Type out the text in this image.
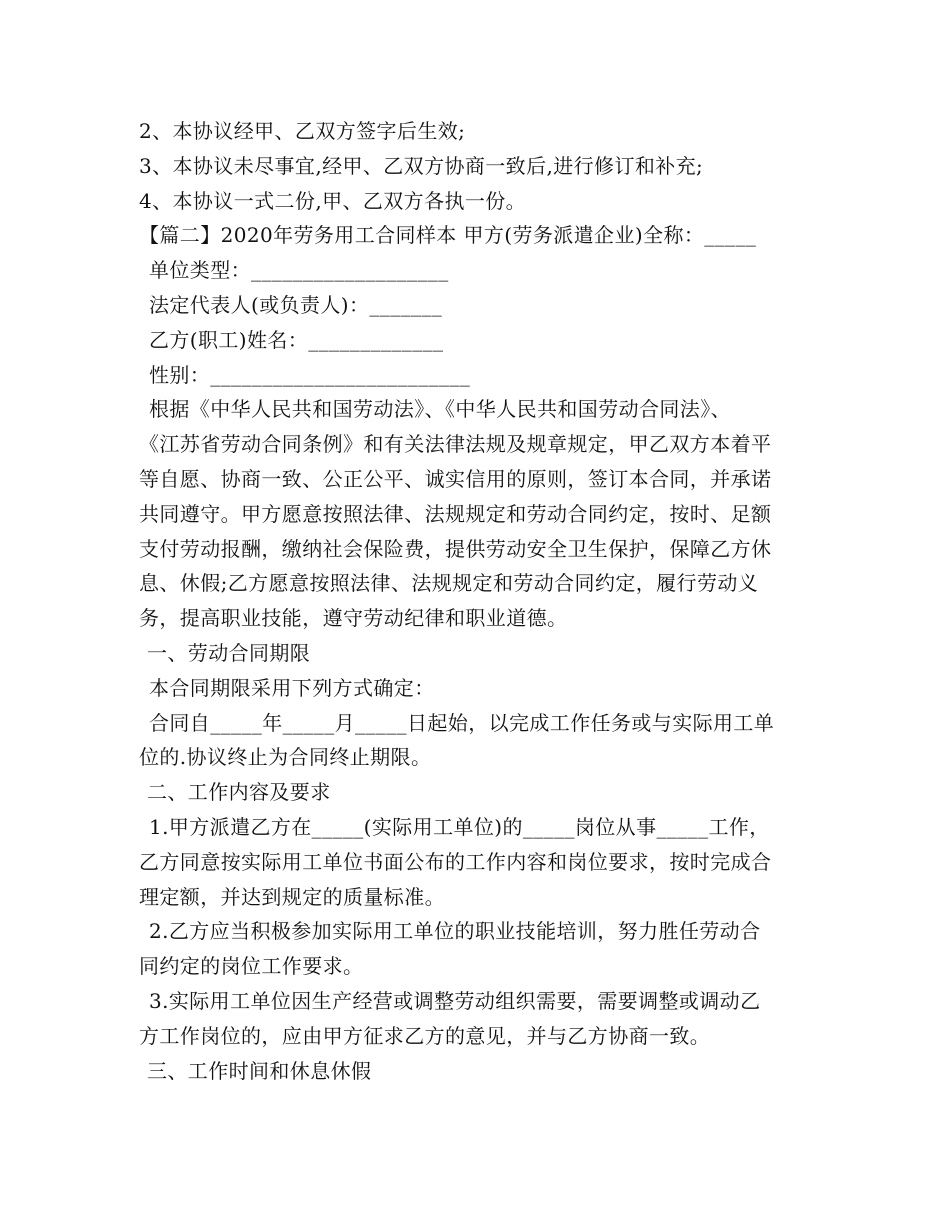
2、本协议经甲、乙双方签字后生效;
3、本协议未尽事宜,经甲、乙双方协商一致后,进行修订和补充;
4、本协议一式二份,甲、乙双方各执一份。
【篇二】2020年劳务用工合同样本 甲方(劳务派遣企业)全称：_____
单位类型：___________________
法定代表人(或负责人)：_______
乙方(职工)姓名：_____________
性别：_________________________
根据《中华人民共和国劳动法》、《中华人民共和国劳动合同法》、
《江苏省劳动合同条例》和有关法律法规及规章规定，甲乙双方本着平
等自愿、协商一致、公正公平、诚实信用的原则，签订本合同，并承诺
共同遵守。甲方愿意按照法律、法规规定和劳动合同约定，按时、足额
支付劳动报酬，缴纳社会保险费，提供劳动安全卫生保护，保障乙方休
息、休假;乙方愿意按照法律、法规规定和劳动合同约定，履行劳动义
务，提高职业技能，遵守劳动纪律和职业道德。
一、劳动合同期限
本合同期限采用下列方式确定：
合同自_____年_____月_____日起始，以完成工作任务或与实际用工单
位的.协议终止为合同终止期限。
二、工作内容及要求
1.甲方派遣乙方在_____(实际用工单位)的_____岗位从事_____工作，
乙方同意按实际用工单位书面公布的工作内容和岗位要求，按时完成合
理定额，并达到规定的质量标准。
2.乙方应当积极参加实际用工单位的职业技能培训，努力胜任劳动合
同约定的岗位工作要求。
3.实际用工单位因生产经营或调整劳动组织需要，需要调整或调动乙
方工作岗位的，应由甲方征求乙方的意见，并与乙方协商一致。
三、工作时间和休息休假
